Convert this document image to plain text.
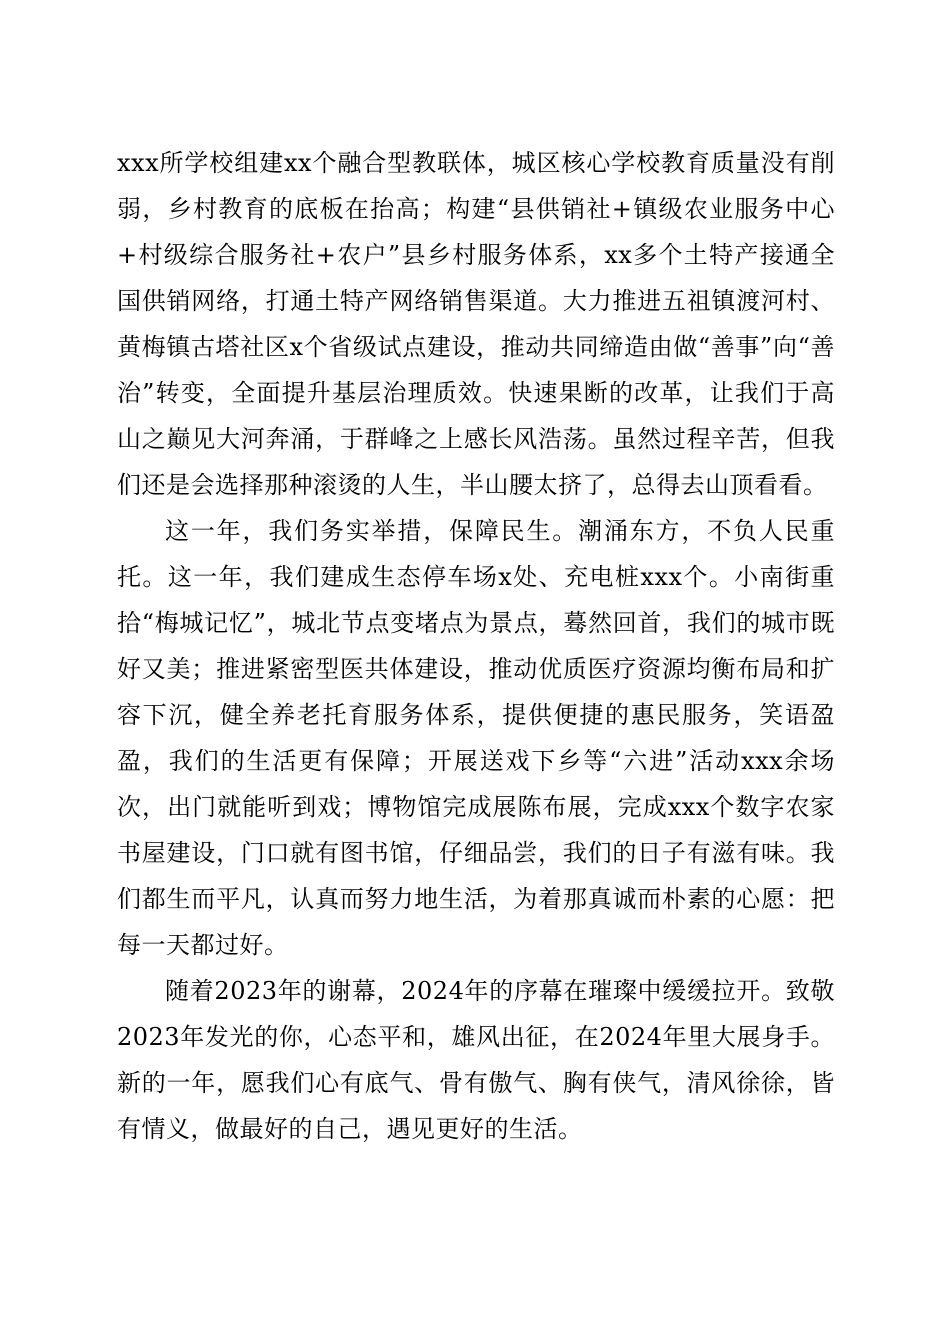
xxx所学校组建xx个融合型教联体，城区核心学校教育质量没有削弱，乡村教育的底板在抬高；构建“县供销社+镇级农业服务中心+村级综合服务社+农户”县乡村服务体系，xx多个土特产接通全国供销网络，打通土特产网络销售渠道。大力推进五祖镇渡河村、黄梅镇古塔社区x个省级试点建设，推动共同缔造由做“善事”向“善治”转变，全面提升基层治理质效。快速果断的改革，让我们于高山之巅见大河奔涌，于群峰之上感长风浩荡。虽然过程辛苦，但我们还是会选择那种滚烫的人生，半山腰太挤了，总得去山顶看看。

这一年，我们务实举措，保障民生。潮涌东方，不负人民重托。这一年，我们建成生态停车场x处、充电桩xxx个。小南街重拾“梅城记忆”，城北节点变堵点为景点，蓦然回首，我们的城市既好又美；推进紧密型医共体建设，推动优质医疗资源均衡布局和扩容下沉，健全养老托育服务体系，提供便捷的惠民服务，笑语盈盈，我们的生活更有保障；开展送戏下乡等“六进”活动xxx余场次，出门就能听到戏；博物馆完成展陈布展，完成xxx个数字农家书屋建设，门口就有图书馆，仔细品尝，我们的日子有滋有味。我们都生而平凡，认真而努力地生活，为着那真诚而朴素的心愿：把每一天都过好。

随着2023年的谢幕，2024年的序幕在璀璨中缓缓拉开。致敬2023年发光的你，心态平和，雄风出征，在2024年里大展身手。新的一年，愿我们心有底气、骨有傲气、胸有侠气，清风徐徐，皆有情义，做最好的自己，遇见更好的生活。
